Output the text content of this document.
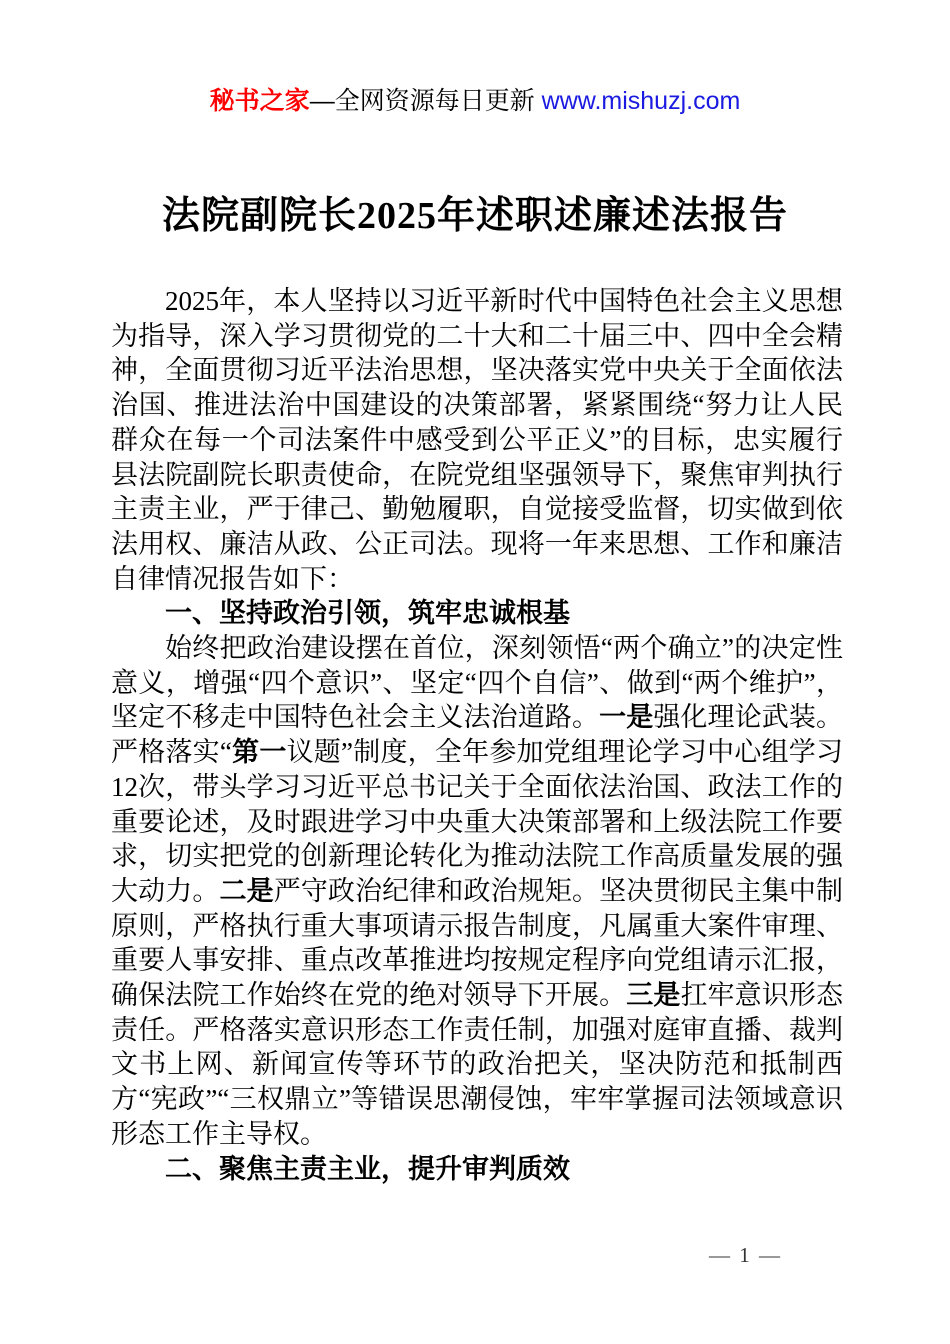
秘书之家—全网资源每日更新 www.mishuzj.com
法院副院长2025年述职述廉述法报告

2025年，本人坚持以习近平新时代中国特色社会主义思想为指导，深入学习贯彻党的二十大和二十届三中、四中全会精神，全面贯彻习近平法治思想，坚决落实党中央关于全面依法治国、推进法治中国建设的决策部署，紧紧围绕“努力让人民群众在每一个司法案件中感受到公平正义”的目标，忠实履行县法院副院长职责使命，在院党组坚强领导下，聚焦审判执行主责主业，严于律己、勤勉履职，自觉接受监督，切实做到依法用权、廉洁从政、公正司法。现将一年来思想、工作和廉洁自律情况报告如下：

一、坚持政治引领，筑牢忠诚根基

始终把政治建设摆在首位，深刻领悟“两个确立”的决定性意义，增强“四个意识”、坚定“四个自信”、做到“两个维护”，坚定不移走中国特色社会主义法治道路。一是强化理论武装。严格落实“第一议题”制度，全年参加党组理论学习中心组学习12次，带头学习习近平总书记关于全面依法治国、政法工作的重要论述，及时跟进学习中央重大决策部署和上级法院工作要求，切实把党的创新理论转化为推动法院工作高质量发展的强大动力。二是严守政治纪律和政治规矩。坚决贯彻民主集中制原则，严格执行重大事项请示报告制度，凡属重大案件审理、重要人事安排、重点改革推进均按规定程序向党组请示汇报，确保法院工作始终在党的绝对领导下开展。三是扛牢意识形态责任。严格落实意识形态工作责任制，加强对庭审直播、裁判文书上网、新闻宣传等环节的政治把关，坚决防范和抵制西方“宪政”“三权鼎立”等错误思潮侵蚀，牢牢掌握司法领域意识形态工作主导权。

二、聚焦主责主业，提升审判质效

— 1 —
